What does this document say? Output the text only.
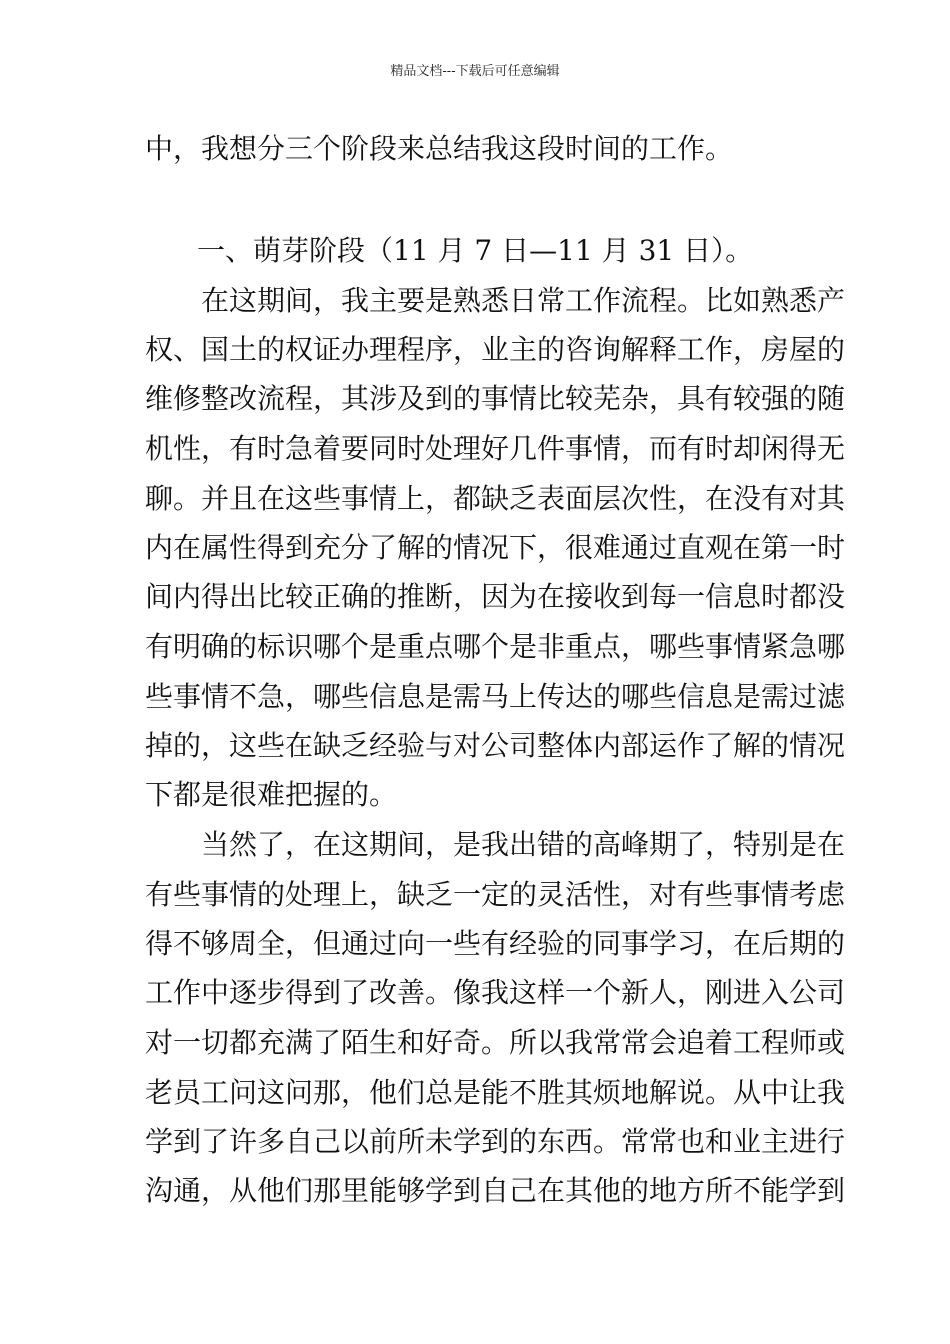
精品文档---下载后可任意编辑
中，我想分三个阶段来总结我这段时间的工作。
一、萌芽阶段（11 月 7 日—11 月 31 日）。
在这期间，我主要是熟悉日常工作流程。比如熟悉产
权、国土的权证办理程序，业主的咨询解释工作，房屋的
维修整改流程，其涉及到的事情比较芜杂，具有较强的随
机性，有时急着要同时处理好几件事情，而有时却闲得无
聊。并且在这些事情上，都缺乏表面层次性，在没有对其
内在属性得到充分了解的情况下，很难通过直观在第一时
间内得出比较正确的推断，因为在接收到每一信息时都没
有明确的标识哪个是重点哪个是非重点，哪些事情紧急哪
些事情不急，哪些信息是需马上传达的哪些信息是需过滤
掉的，这些在缺乏经验与对公司整体内部运作了解的情况
下都是很难把握的。
当然了，在这期间，是我出错的高峰期了，特别是在
有些事情的处理上，缺乏一定的灵活性，对有些事情考虑
得不够周全，但通过向一些有经验的同事学习，在后期的
工作中逐步得到了改善。像我这样一个新人，刚进入公司
对一切都充满了陌生和好奇。所以我常常会追着工程师或
老员工问这问那，他们总是能不胜其烦地解说。从中让我
学到了许多自己以前所未学到的东西。常常也和业主进行
沟通，从他们那里能够学到自己在其他的地方所不能学到
